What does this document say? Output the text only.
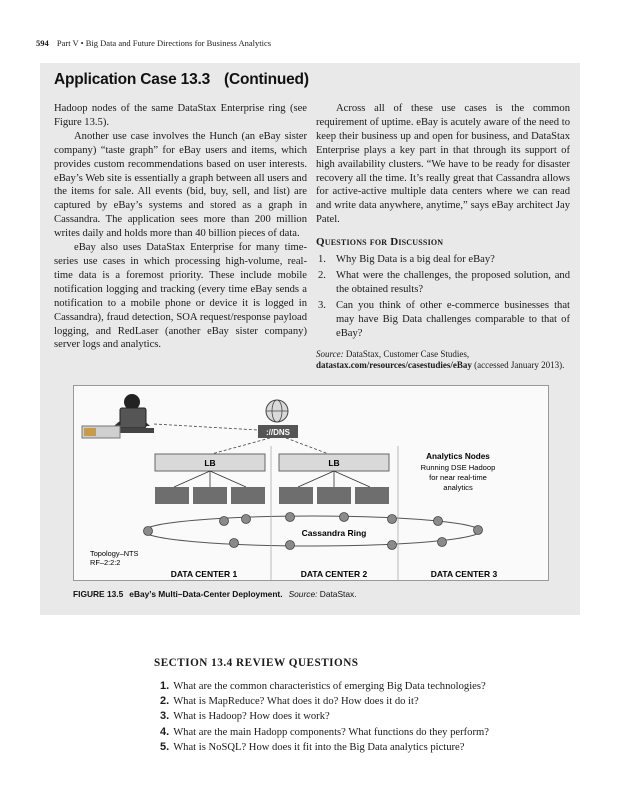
594 Part V • Big Data and Future Directions for Business Analytics
Application Case 13.3 (Continued)

Hadoop nodes of the same DataStax Enterprise ring (see Figure 13.5).

Another use case involves the Hunch (an eBay sister company) “taste graph” for eBay users and items, which provides custom recommendations based on user interests. eBay’s Web site is essentially a graph between all users and the items for sale. All events (bid, buy, sell, and list) are captured by eBay’s systems and stored as a graph in Cassandra. The application sees more than 200 million writes daily and holds more than 40 billion pieces of data.

eBay also uses DataStax Enterprise for many time-series use cases in which processing high-volume, real-time data is a foremost priority. These include mobile notification logging and tracking (every time eBay sends a notification to a mobile phone or device it is logged in Cassandra), fraud detection, SOA request/response payload logging, and RedLaser (another eBay sister company) server logs and analytics.

Across all of these use cases is the common requirement of uptime. eBay is acutely aware of the need to keep their business up and open for business, and DataStax Enterprise plays a key part in that through its support of high availability clusters. “We have to be ready for disaster recovery all the time. It’s really great that Cassandra allows for active-active multiple data centers where we can read and write data anywhere, anytime,” says eBay architect Jay Patel.

Questions for Discussion
1. Why Big Data is a big deal for eBay?
2. What were the challenges, the proposed solution, and the obtained results?
3. Can you think of other e-commerce businesses that may have Big Data challenges comparable to that of eBay?
Source: DataStax, Customer Case Studies, datastax.com/resources/casestudies/eBay (accessed January 2013).
://DNS
LB	LB
Analytics Nodes
Running DSE Hadoop
for near real-time
analytics
Cassandra Ring
Topology–NTS
RF–2:2:2
DATA CENTER 1	DATA CENTER 2	DATA CENTER 3
FIGURE 13.5 eBay’s Multi–Data-Center Deployment. Source: DataStax.
SECTION 13.4 REVIEW QUESTIONS
1. What are the common characteristics of emerging Big Data technologies?
2. What is MapReduce? What does it do? How does it do it?
3. What is Hadoop? How does it work?
4. What are the main Hadopp components? What functions do they perform?
5. What is NoSQL? How does it fit into the Big Data analytics picture?
